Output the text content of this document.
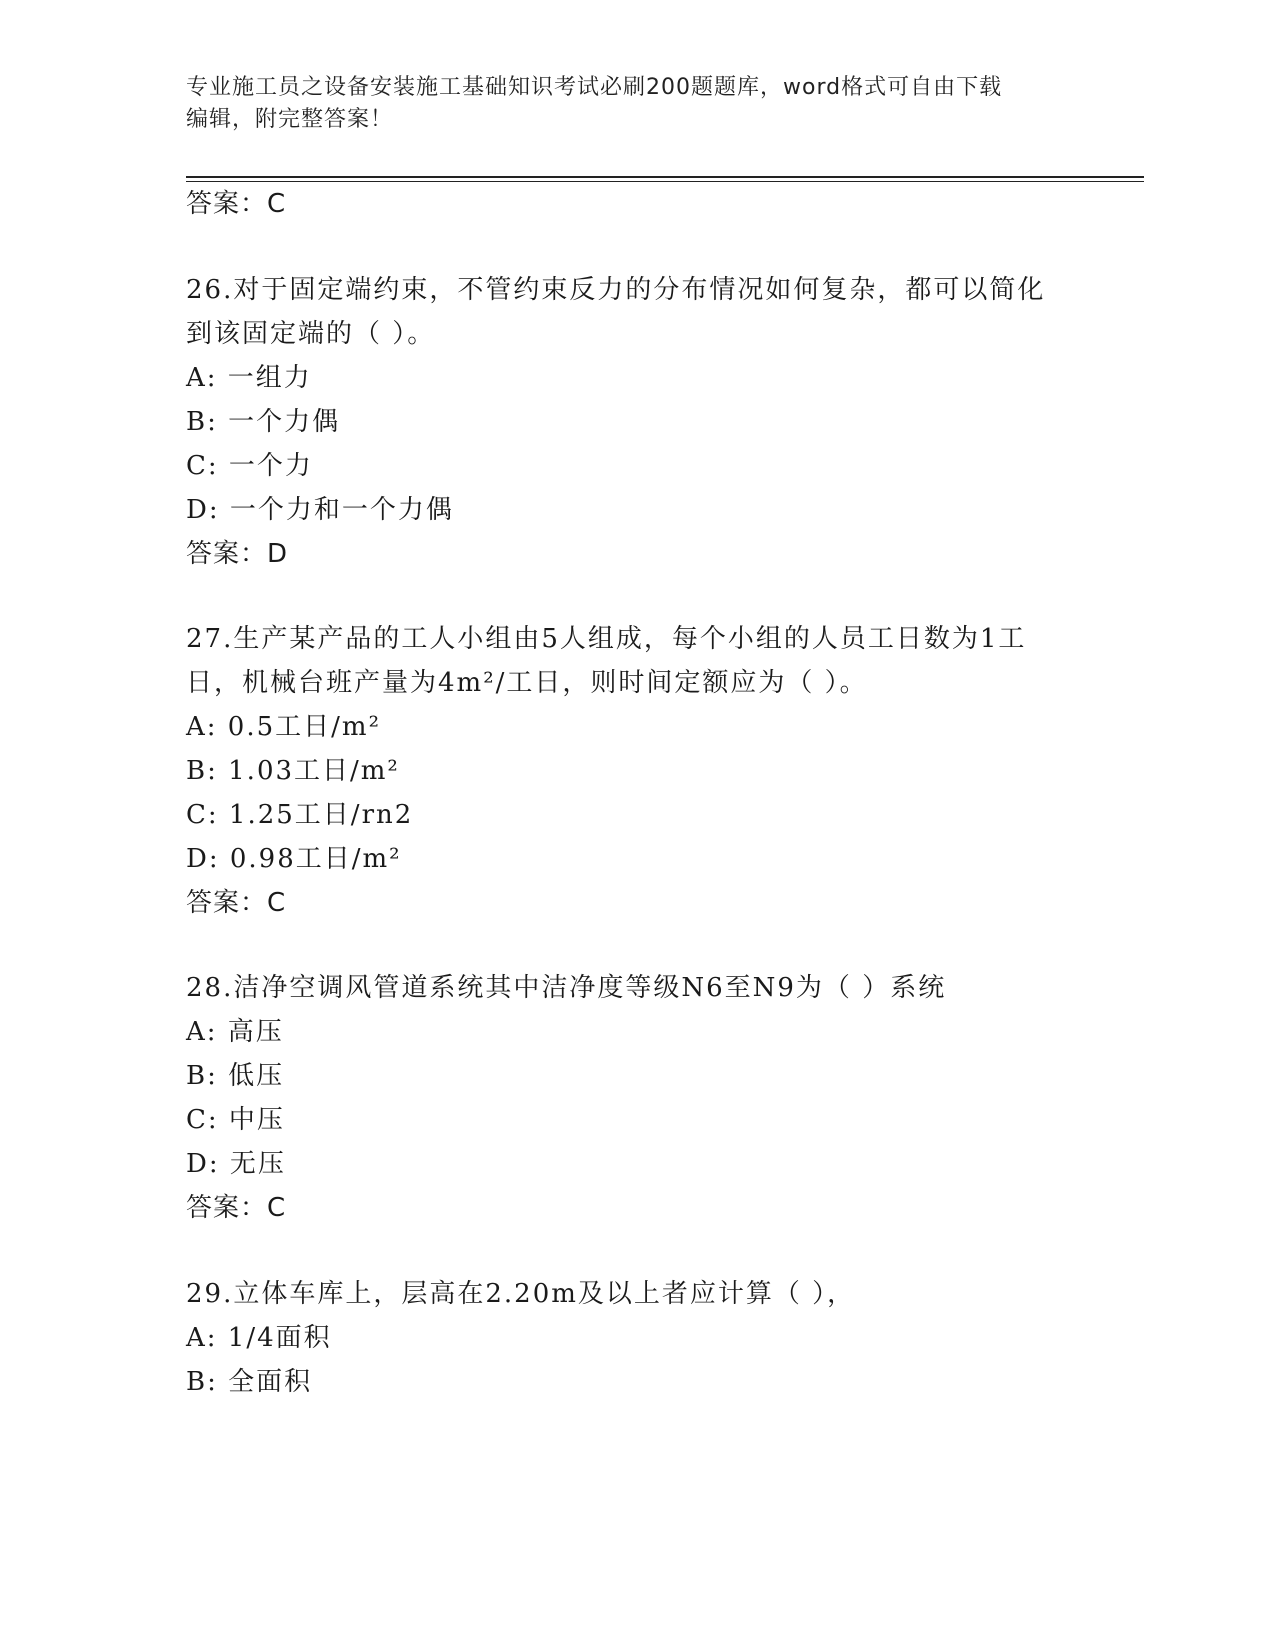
专业施工员之设备安装施工基础知识考试必刷200题题库，word格式可自由下载
编辑，附完整答案！
答案：C
26.对于固定端约束，不管约束反力的分布情况如何复杂，都可以简化
到该固定端的（ ）。
A: 一组力
B: 一个力偶
C: 一个力
D: 一个力和一个力偶
答案：D
27.生产某产品的工人小组由5人组成，每个小组的人员工日数为1工
日，机械台班产量为4m²/工日，则时间定额应为（ ）。
A: 0.5工日/m²
B: 1.03工日/m²
C: 1.25工日/rn2
D: 0.98工日/m²
答案：C
28.洁净空调风管道系统其中洁净度等级N6至N9为（ ）系统
A: 高压
B: 低压
C: 中压
D: 无压
答案：C
29.立体车库上，层高在2.20m及以上者应计算（ ），
A: 1/4面积
B: 全面积
